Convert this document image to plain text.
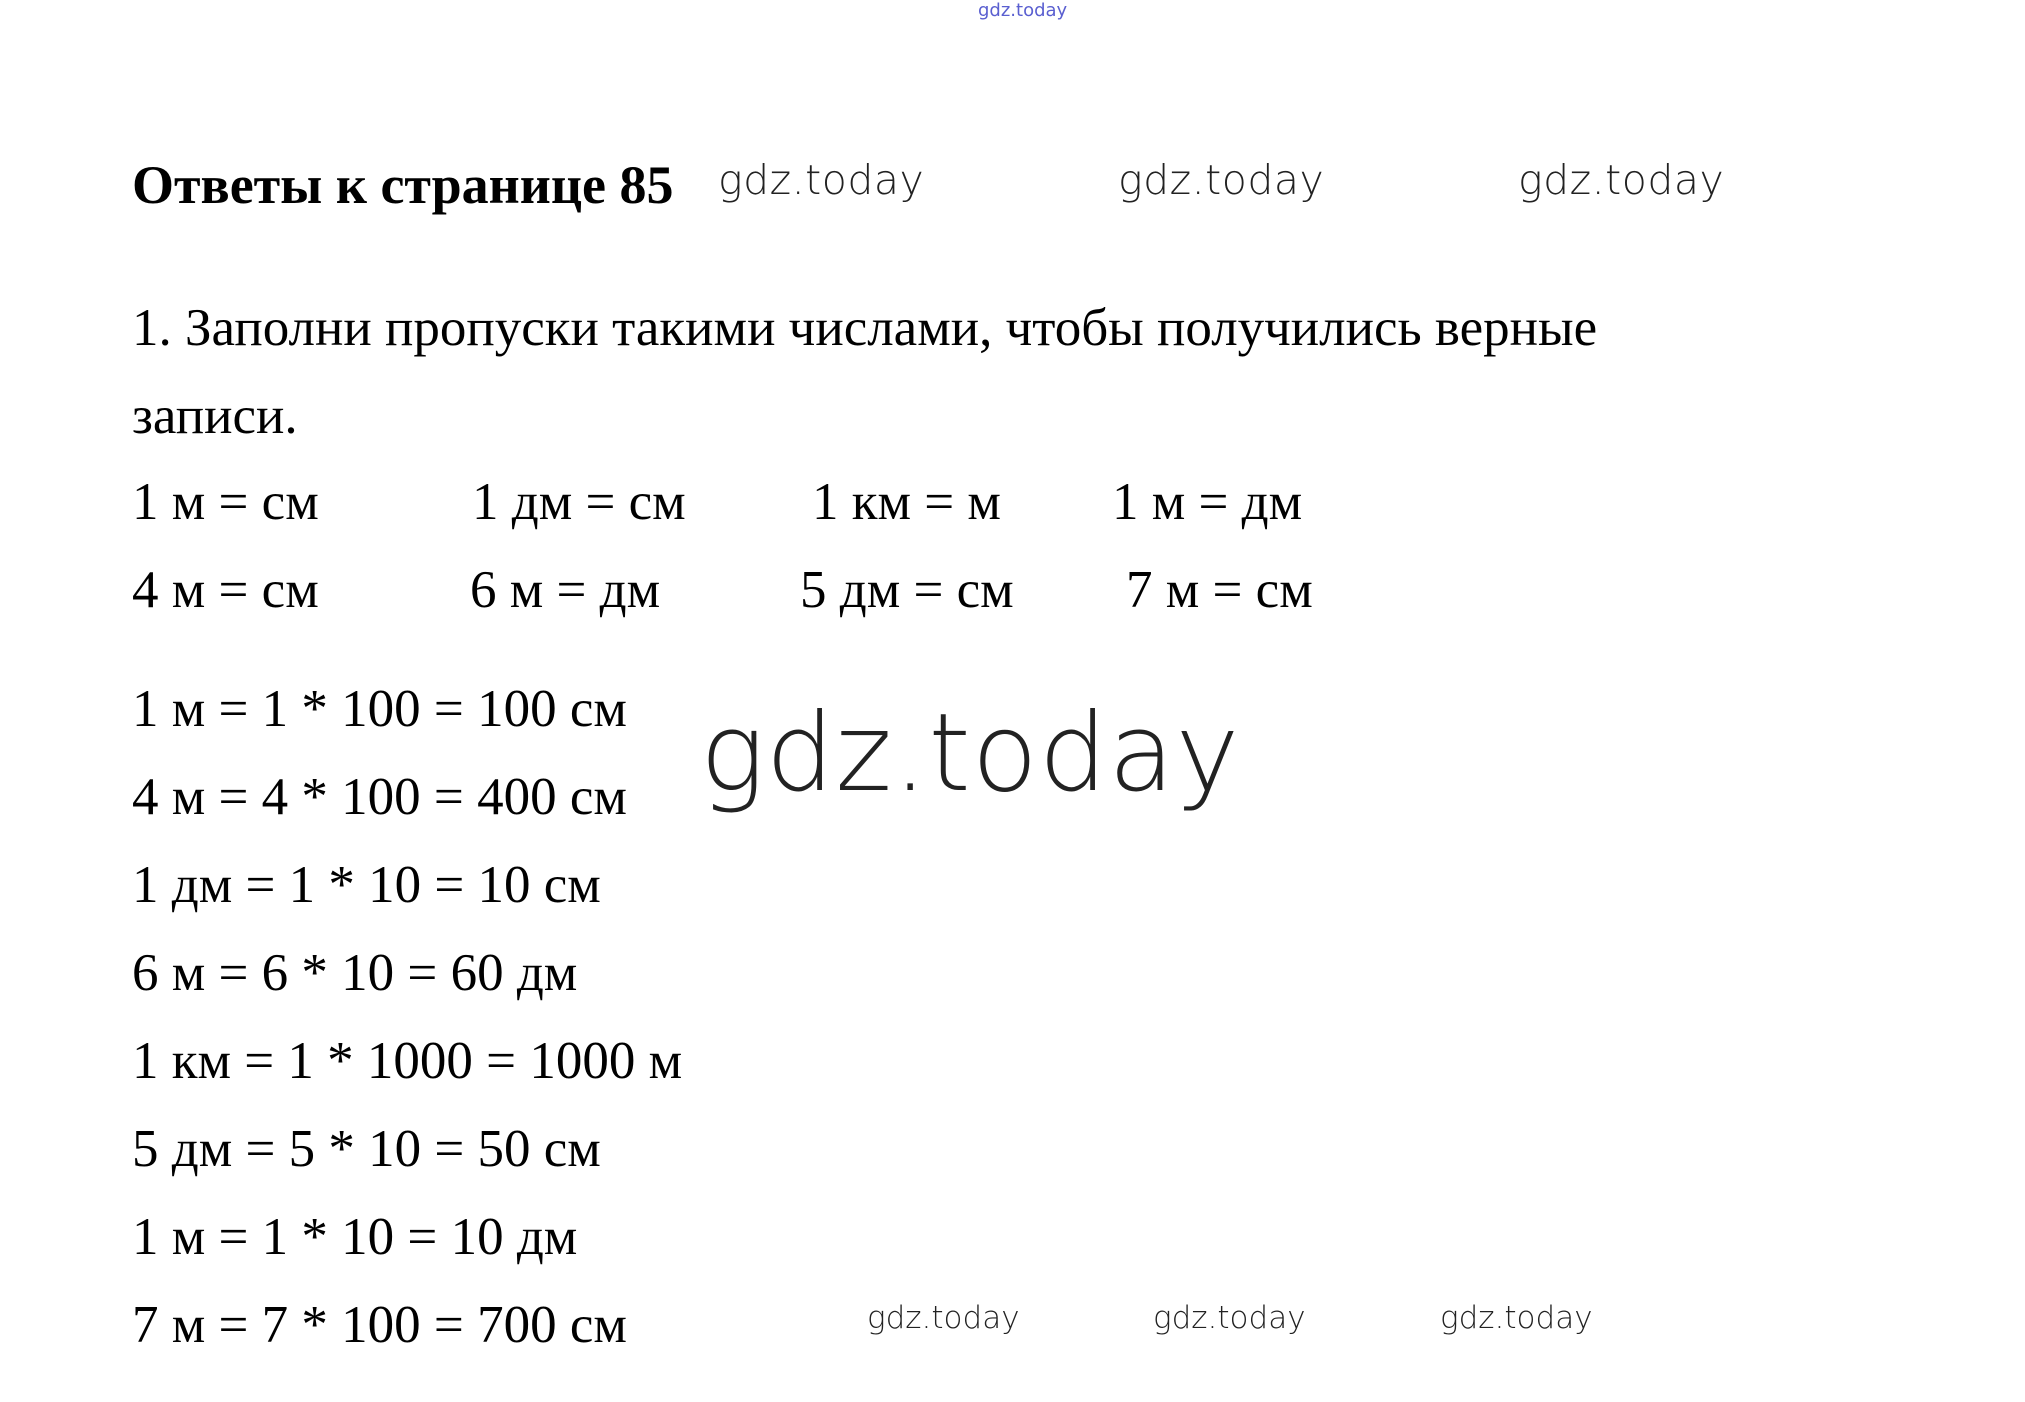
gdz.today
Ответы к странице 85 gdz.today	gdz.today	gdz.today
1. Заполни пропуски такими числами, чтобы получились верные
записи.
1 м = см	1 дм = см 1 км = м 1 м = дм
4 м = см	6 м = дм	5 дм = см 7 м = см
1 м = 1 * 100 = 100 см
4 м = 4 * 100 = 400 см
1 дм = 1 * 10 = 10 см
6 м = 6 * 10 = 60 дм
1 км = 1 * 1000 = 1000 м
5 дм = 5 * 10 = 50 см
1 м = 1 * 10 = 10 дм
7 м = 7 * 100 = 700 см
gdz.today
gdz.today	gdz.today	gdz.today
